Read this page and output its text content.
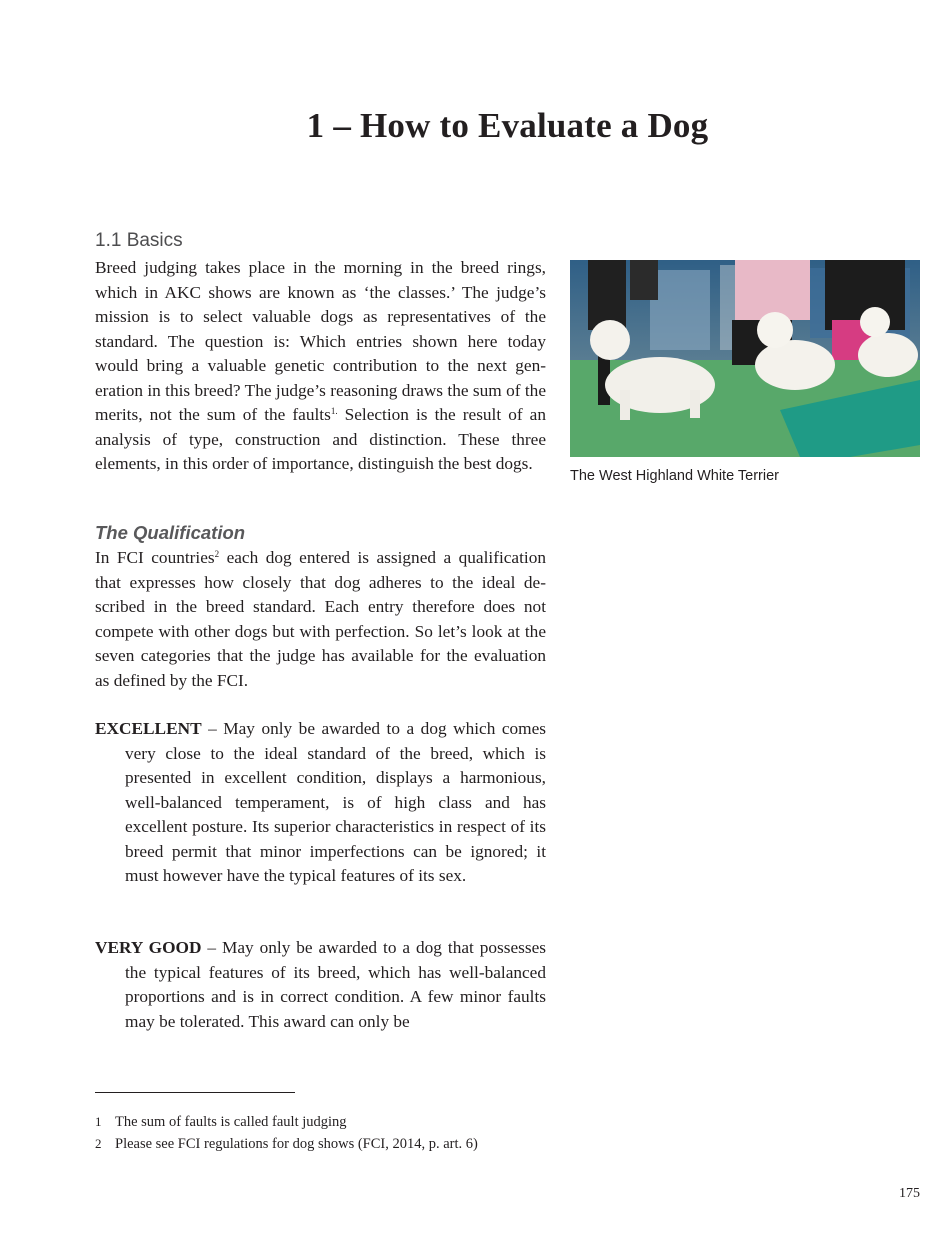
1 – How to Evaluate a Dog
1.1 Basics

Breed judging takes place in the morning in the breed rings, which in AKC shows are known as ‘the classes.’ The judge’s mission is to select valuable dogs as representatives of the standard. The question is: Which entries shown here today would bring a valuable genetic contribution to the next generation in this breed? The judge’s reasoning draws the sum of the merits, not the sum of the faults$^{1.}$ Selection is the result of an analysis of type, construction and distinction. These three elements, in this order of importance, distinguish the best dogs.

The West Highland White Terrier

The Qualification

In FCI countries$^2$ each dog entered is assigned a qualification that expresses how closely that dog adheres to the ideal described in the breed standard. Each entry therefore does not compete with other dogs but with perfection. So let’s look at the seven categories that the judge has available for the evaluation as defined by the FCI.

EXCELLENT – May only be awarded to a dog which comes very close to the ideal standard of the breed, which is presented in excellent condition, displays a harmonious, well-balanced temperament, is of high class and has excellent posture. Its superior characteristics in respect of its breed permit that minor imperfections can be ignored; it must however have the typical features of its sex.

VERY GOOD – May only be awarded to a dog that possesses the typical features of its breed, which has well-balanced proportions and is in correct condition. A few minor faults may be tolerated. This award can only be

1 The sum of faults is called fault judging
2 Please see FCI regulations for dog shows (FCI, 2014, p. art. 6)

175
